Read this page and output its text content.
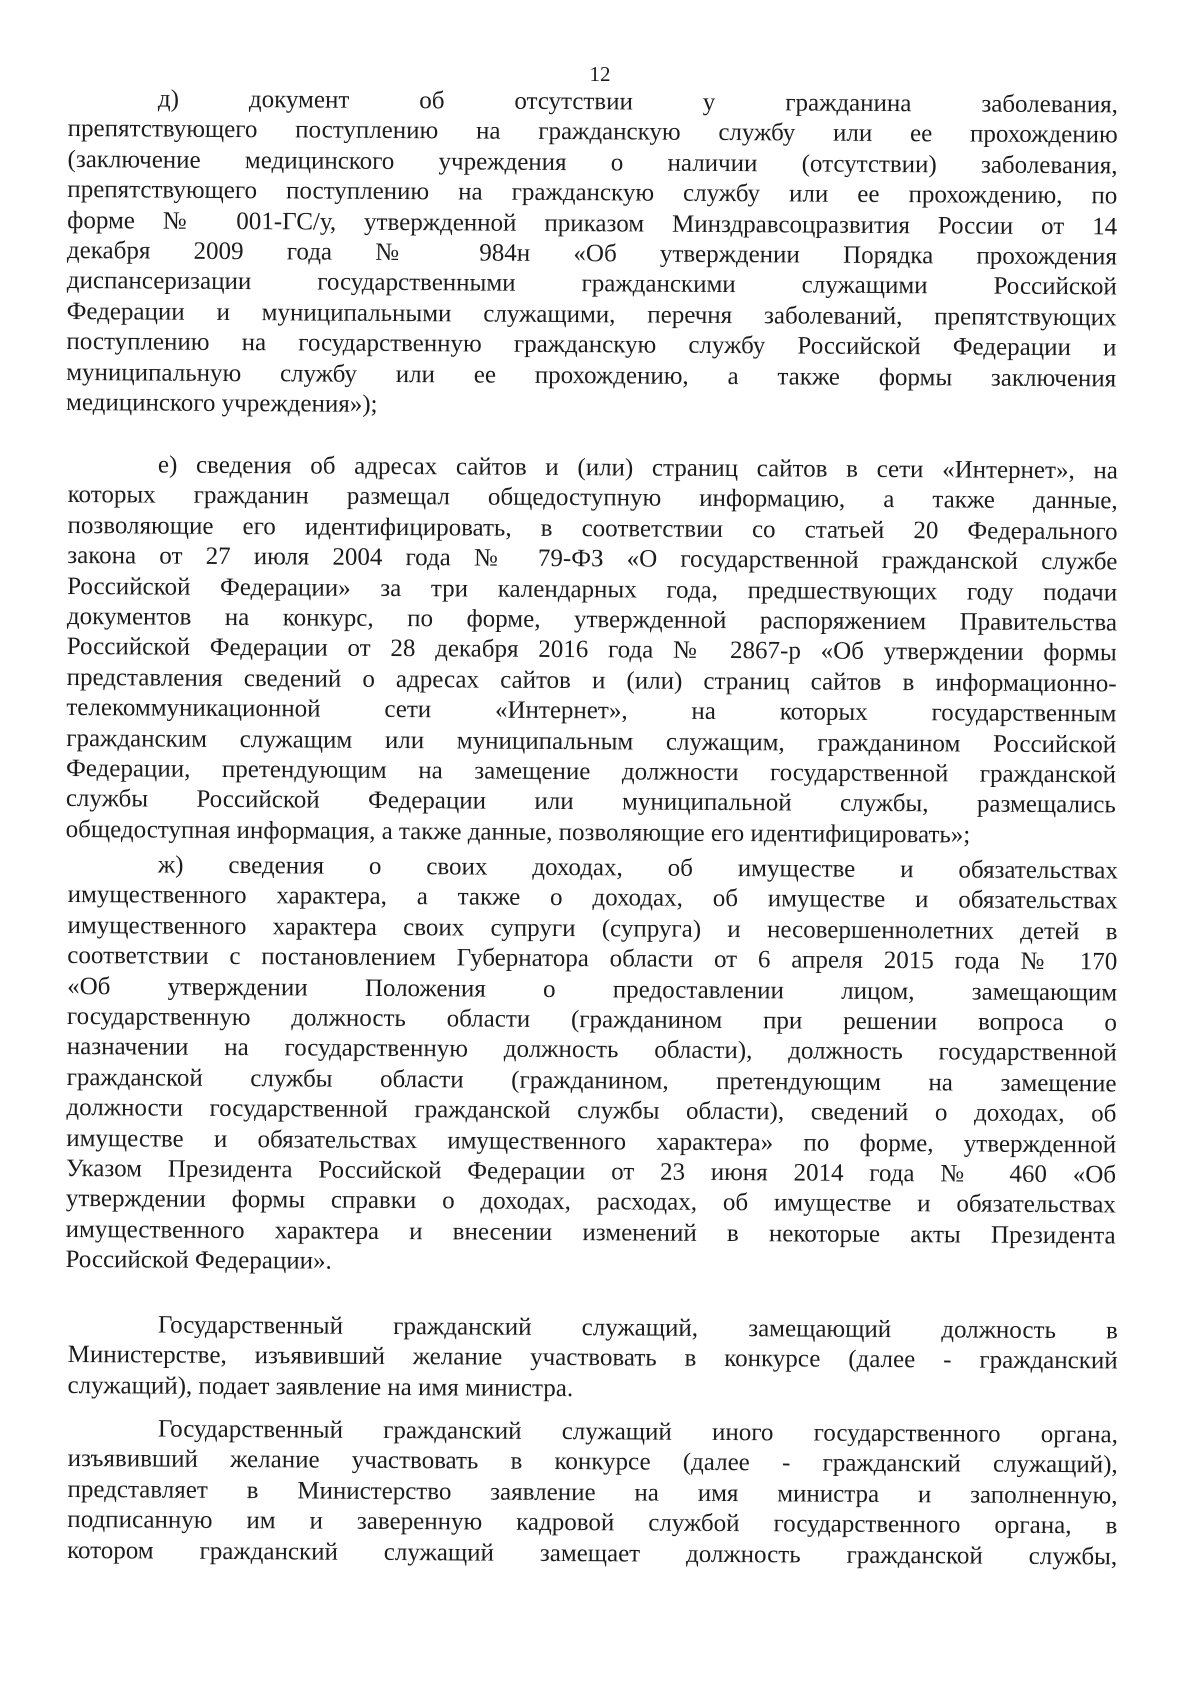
12
д) документ об отсутствии у гражданина заболевания,
препятствующего поступлению на гражданскую службу или ее прохождению
(заключение медицинского учреждения о наличии (отсутствии) заболевания,
препятствующего поступлению на гражданскую службу или ее прохождению, по
форме № 001-ГС/у, утвержденной приказом Минздравсоцразвития России от 14
декабря 2009 года № 984н «Об утверждении Порядка прохождения
диспансеризации государственными гражданскими служащими Российской
Федерации и муниципальными служащими, перечня заболеваний, препятствующих
поступлению на государственную гражданскую службу Российской Федерации и
муниципальную службу или ее прохождению, а также формы заключения
медицинского учреждения»);
е) сведения об адресах сайтов и (или) страниц сайтов в сети «Интернет», на
которых гражданин размещал общедоступную информацию, а также данные,
позволяющие его идентифицировать, в соответствии со статьей 20 Федерального
закона от 27 июля 2004 года № 79-ФЗ «О государственной гражданской службе
Российской Федерации» за три календарных года, предшествующих году подачи
документов на конкурс, по форме, утвержденной распоряжением Правительства
Российской Федерации от 28 декабря 2016 года № 2867-р «Об утверждении формы
представления сведений о адресах сайтов и (или) страниц сайтов в информационно-
телекоммуникационной сети «Интернет», на которых государственным
гражданским служащим или муниципальным служащим, гражданином Российской
Федерации, претендующим на замещение должности государственной гражданской
службы Российской Федерации или муниципальной службы, размещались
общедоступная информация, а также данные, позволяющие его идентифицировать»;
ж) сведения о своих доходах, об имуществе и обязательствах
имущественного характера, а также о доходах, об имуществе и обязательствах
имущественного характера своих супруги (супруга) и несовершеннолетних детей в
соответствии с постановлением Губернатора области от 6 апреля 2015 года № 170
«Об утверждении Положения о предоставлении лицом, замещающим
государственную должность области (гражданином при решении вопроса о
назначении на государственную должность области), должность государственной
гражданской службы области (гражданином, претендующим на замещение
должности государственной гражданской службы области), сведений о доходах, об
имуществе и обязательствах имущественного характера» по форме, утвержденной
Указом Президента Российской Федерации от 23 июня 2014 года № 460 «Об
утверждении формы справки о доходах, расходах, об имуществе и обязательствах
имущественного характера и внесении изменений в некоторые акты Президента
Российской Федерации».
Государственный гражданский служащий, замещающий должность в
Министерстве, изъявивший желание участвовать в конкурсе (далее - гражданский
служащий), подает заявление на имя министра.
Государственный гражданский служащий иного государственного органа,
изъявивший желание участвовать в конкурсе (далее - гражданский служащий),
представляет в Министерство заявление на имя министра и заполненную,
подписанную им и заверенную кадровой службой государственного органа, в
котором гражданский служащий замещает должность гражданской службы,
